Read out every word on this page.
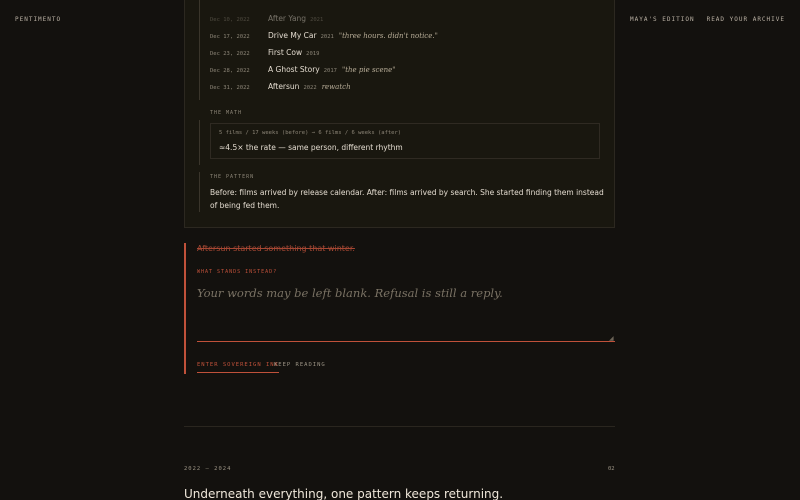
PENTIMENTO	MAYA'S EDITION READ YOUR ARCHIVE
Dec 10, 2022	After Yang 2021
Dec 17, 2022	Drive My Car 2021 "three hours. didn't notice."
Dec 23, 2022	First Cow 2019
Dec 28, 2022	A Ghost Story 2017 "the pie scene"
Dec 31, 2022	Aftersun 2022 rewatch
THE MATH
5 films / 17 weeks (before) → 6 films / 6 weeks (after)
≈4.5× the rate — same person, different rhythm
THE PATTERN
Before: films arrived by release calendar. After: films arrived by search. She started finding them instead of being fed them.
Aftersun started something that winter.
WHAT STANDS INSTEAD?
Your words may be left blank. Refusal is still a reply.
◢
ENTER SOVEREIGN INK
KEEP READING
2022 – 2024	02
Underneath everything, one pattern keeps returning.
